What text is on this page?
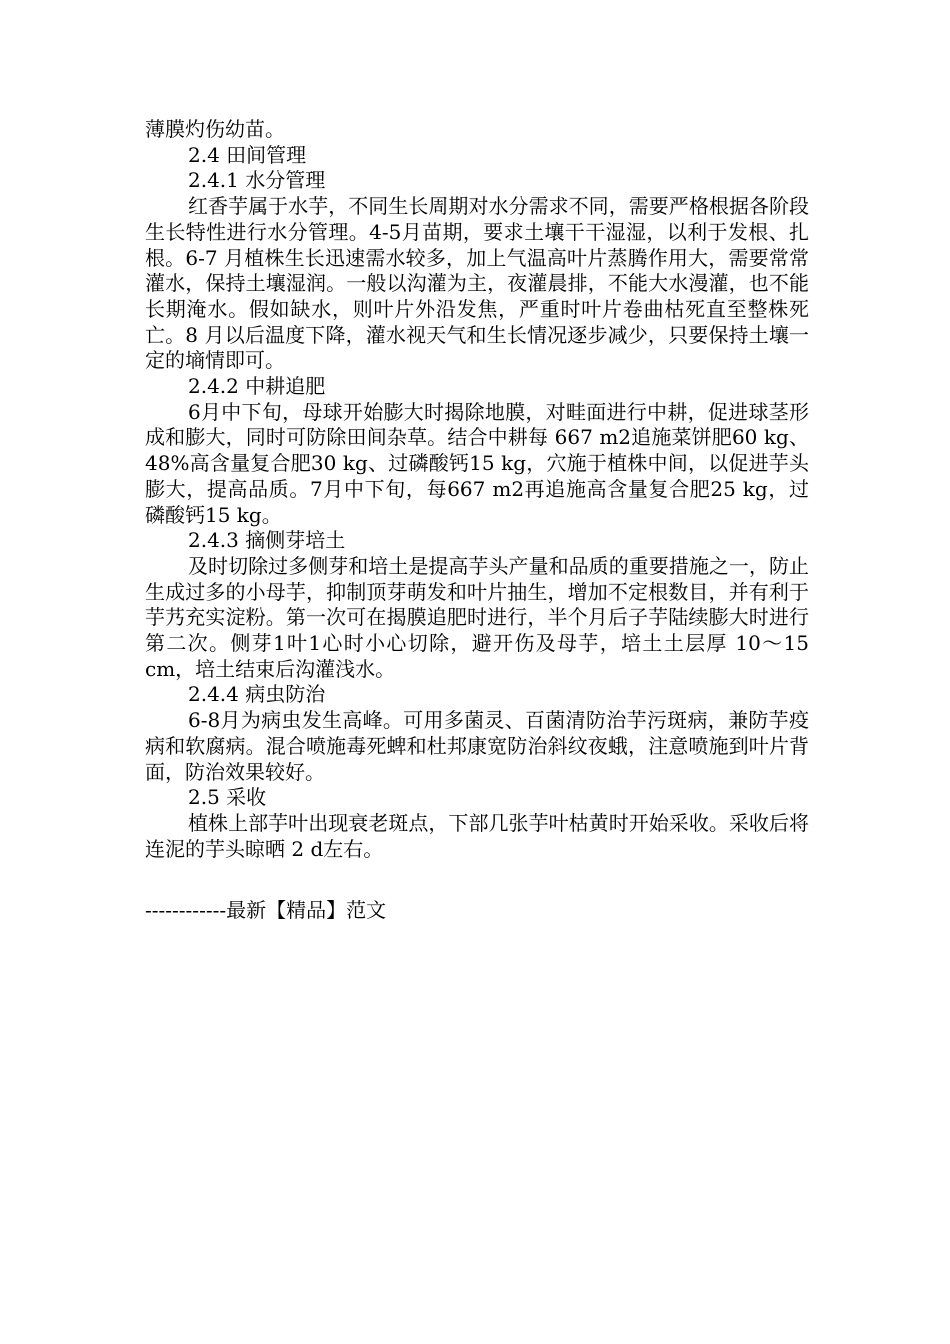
薄膜灼伤幼苗。

2.4 田间管理

2.4.1 水分管理

红香芋属于水芋，不同生长周期对水分需求不同，需要严格根据各阶段生长特性进行水分管理。4-5月苗期，要求土壤干干湿湿，以利于发根、扎根。6-7 月植株生长迅速需水较多，加上气温高叶片蒸腾作用大，需要常常灌水，保持土壤湿润。一般以沟灌为主，夜灌晨排，不能大水漫灌，也不能长期淹水。假如缺水，则叶片外沿发焦，严重时叶片卷曲枯死直至整株死亡。8 月以后温度下降，灌水视天气和生长情况逐步减少，只要保持土壤一定的墒情即可。

2.4.2 中耕追肥

6月中下旬，母球开始膨大时揭除地膜，对畦面进行中耕，促进球茎形成和膨大，同时可防除田间杂草。结合中耕每 667 m2追施菜饼肥60 kg、48%高含量复合肥30 kg、过磷酸钙15 kg，穴施于植株中间，以促进芋头膨大，提高品质。7月中下旬，每667 m2再追施高含量复合肥25 kg，过磷酸钙15 kg。

2.4.3 摘侧芽培土

及时切除过多侧芽和培土是提高芋头产量和品质的重要措施之一，防止生成过多的小母芋，抑制顶芽萌发和叶片抽生，增加不定根数目，并有利于芋艿充实淀粉。第一次可在揭膜追肥时进行，半个月后子芋陆续膨大时进行第二次。侧芽1叶1心时小心切除，避开伤及母芋，培土土层厚 10～15 cm，培土结束后沟灌浅水。

2.4.4 病虫防治

6-8月为病虫发生高峰。可用多菌灵、百菌清防治芋污斑病，兼防芋疫病和软腐病。混合喷施毒死蜱和杜邦康宽防治斜纹夜蛾，注意喷施到叶片背面，防治效果较好。

2.5 采收

植株上部芋叶出现衰老斑点，下部几张芋叶枯黄时开始采收。采收后将连泥的芋头晾晒 2 d左右。

------------最新【精品】范文
